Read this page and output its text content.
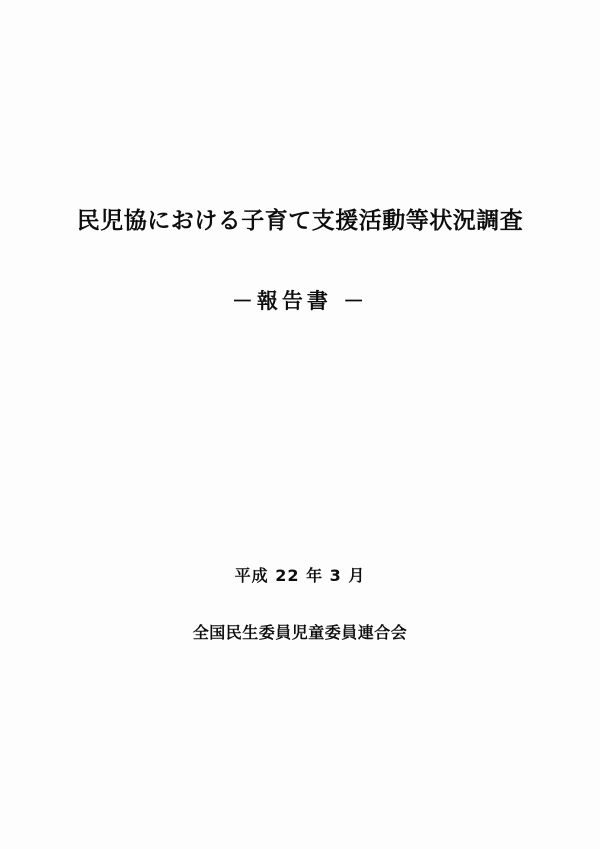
民児協における子育て支援活動等状況調査
－報告書 －

平成 22 年 3 月

全国民生委員児童委員連合会
